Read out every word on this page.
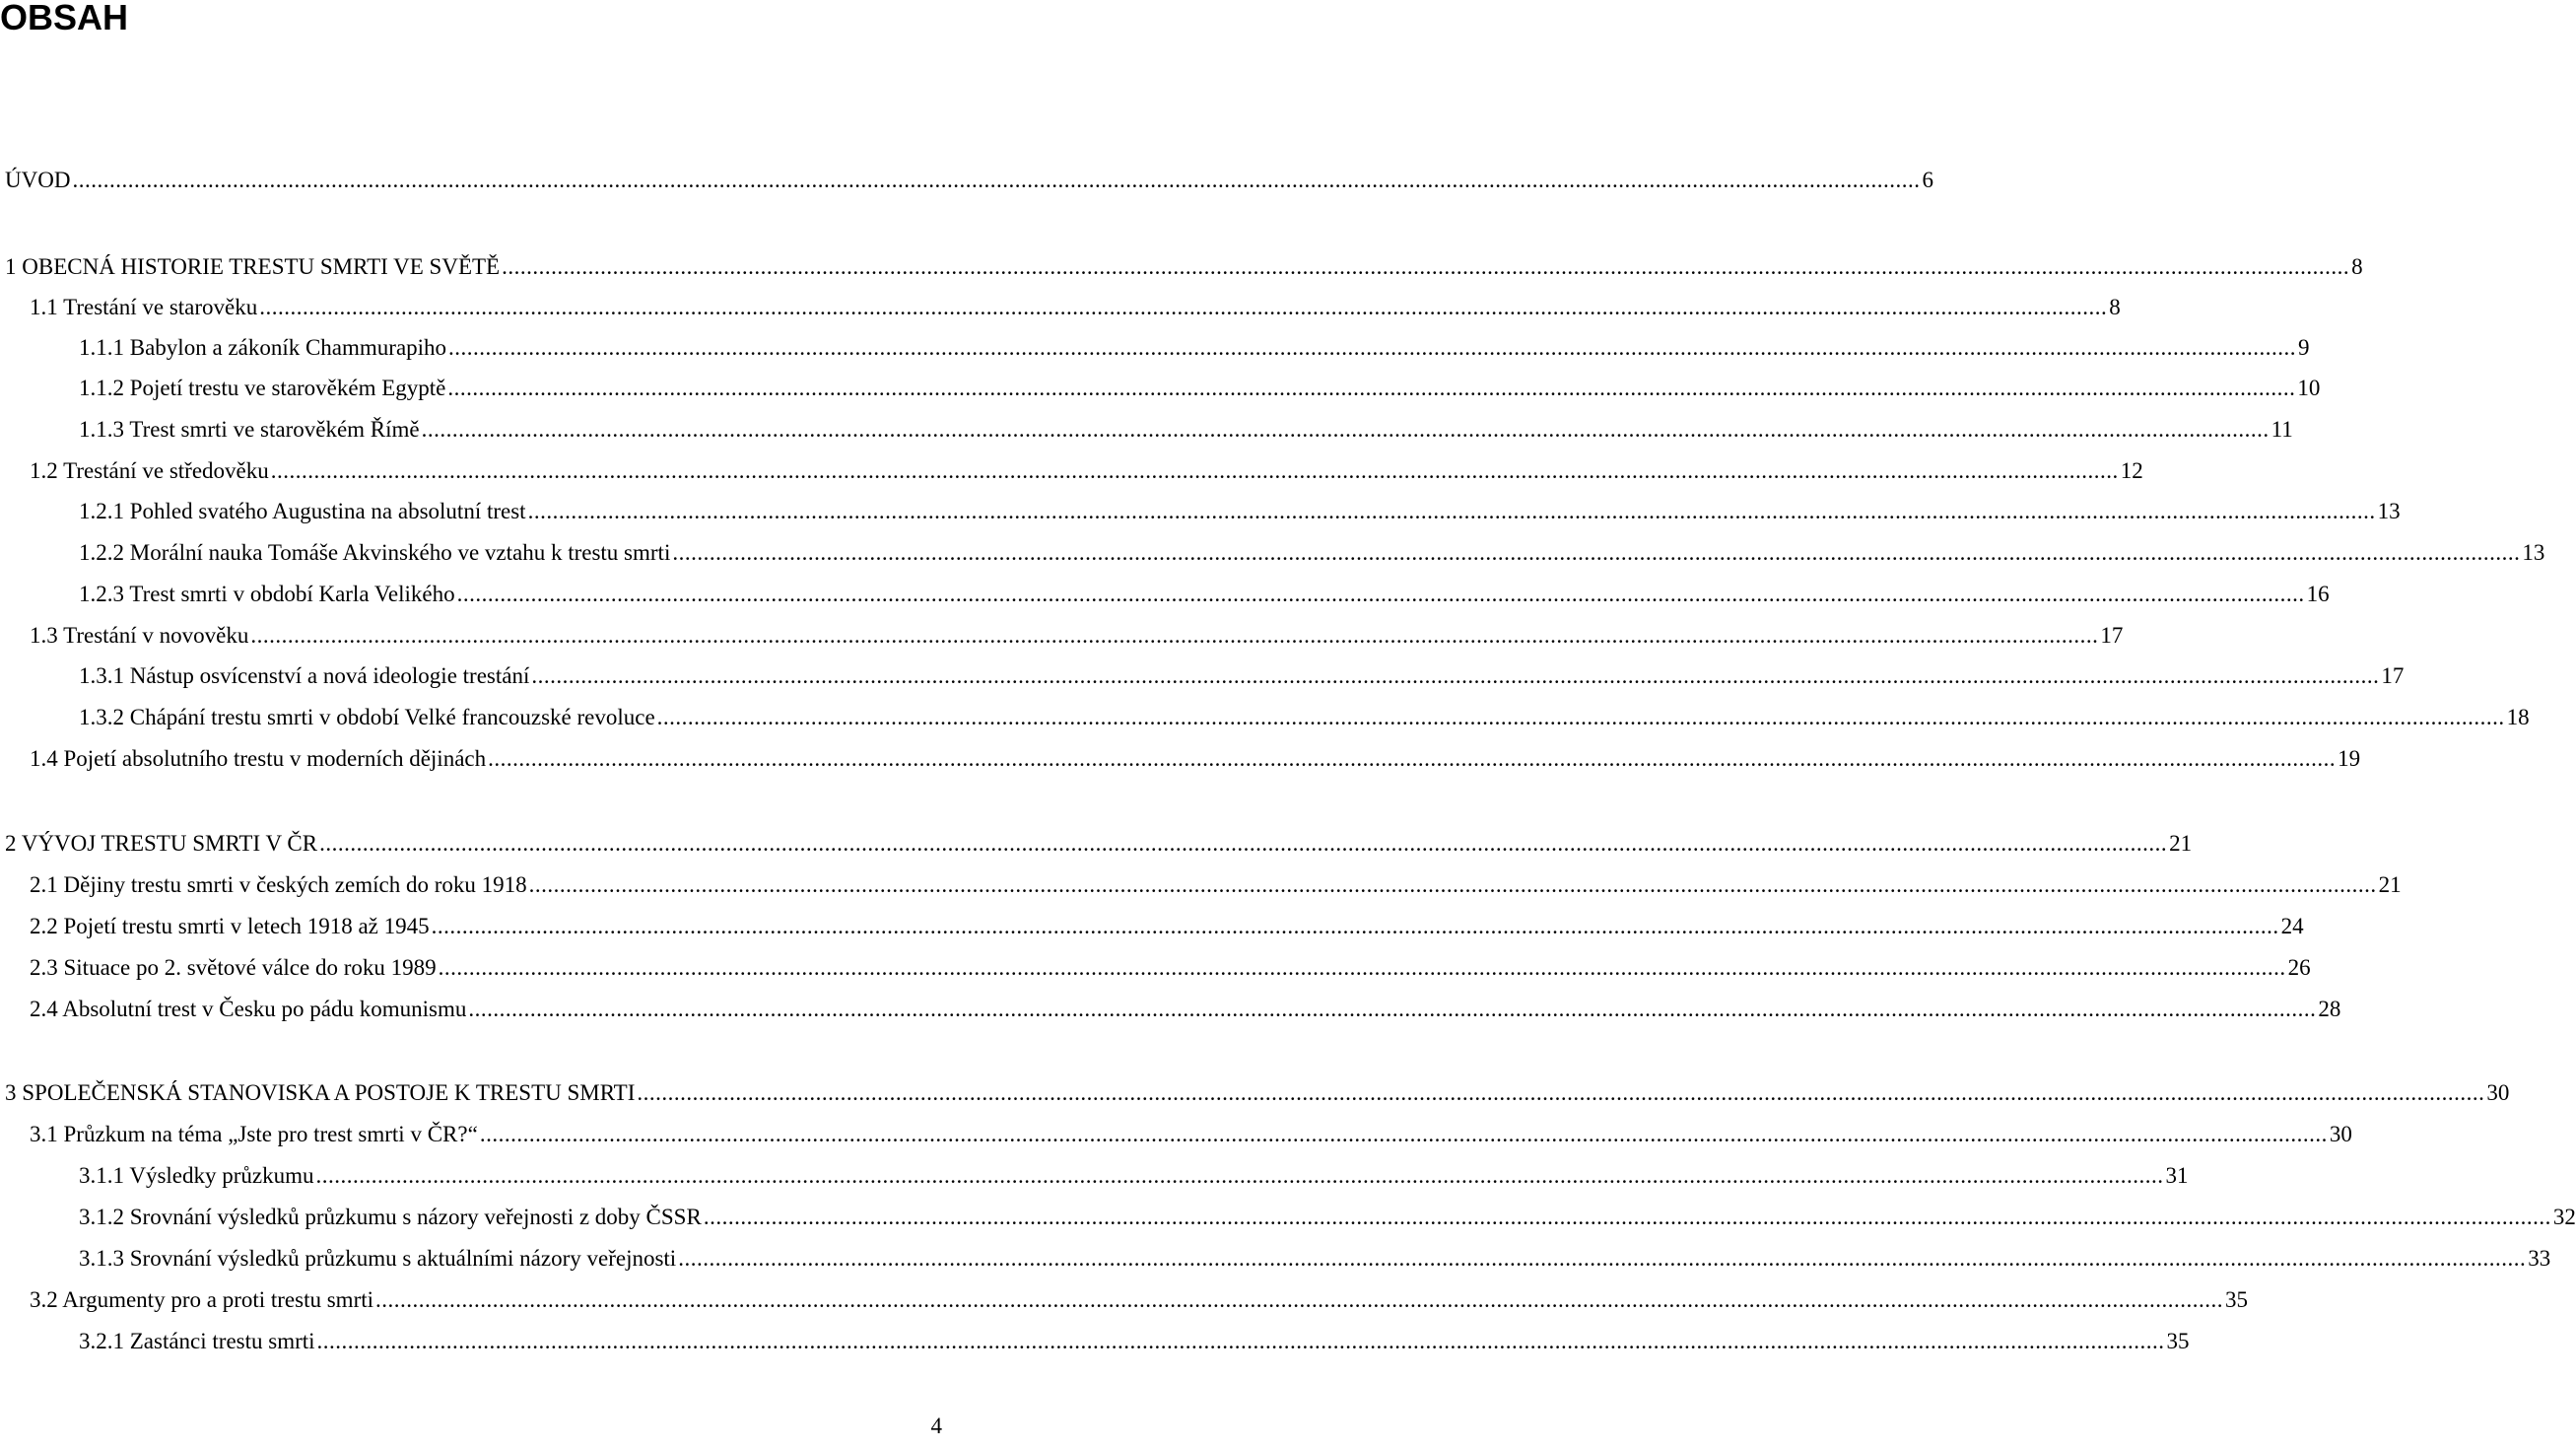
OBSAH
ÚVOD ............................................................................................................................................................................................................................................................................................................ 6
1 OBECNÁ HISTORIE TRESTU SMRTI VE SVĚTĚ ............................................................................................................................................................................................................................................................................................................ 8
1.1 Trestání ve starověku ............................................................................................................................................................................................................................................................................................................ 8
1.1.1 Babylon a zákoník Chammurapiho ............................................................................................................................................................................................................................................................................................................ 9
1.1.2 Pojetí trestu ve starověkém Egyptě ............................................................................................................................................................................................................................................................................................................ 10
1.1.3 Trest smrti ve starověkém Římě ............................................................................................................................................................................................................................................................................................................ 11
1.2 Trestání ve středověku ............................................................................................................................................................................................................................................................................................................ 12
1.2.1 Pohled svatého Augustina na absolutní trest ............................................................................................................................................................................................................................................................................................................ 13
1.2.2 Morální nauka Tomáše Akvinského ve vztahu k trestu smrti ............................................................................................................................................................................................................................................................................................................ 13
1.2.3 Trest smrti v období Karla Velikého ............................................................................................................................................................................................................................................................................................................ 16
1.3 Trestání v novověku ............................................................................................................................................................................................................................................................................................................ 17
1.3.1 Nástup osvícenství a nová ideologie trestání ............................................................................................................................................................................................................................................................................................................ 17
1.3.2 Chápání trestu smrti v období Velké francouzské revoluce ............................................................................................................................................................................................................................................................................................................ 18
1.4 Pojetí absolutního trestu v moderních dějinách ............................................................................................................................................................................................................................................................................................................ 19
2 VÝVOJ TRESTU SMRTI V ČR ............................................................................................................................................................................................................................................................................................................ 21
2.1 Dějiny trestu smrti v českých zemích do roku 1918 ............................................................................................................................................................................................................................................................................................................ 21
2.2 Pojetí trestu smrti v letech 1918 až 1945 ............................................................................................................................................................................................................................................................................................................ 24
2.3 Situace po 2. světové válce do roku 1989 ............................................................................................................................................................................................................................................................................................................ 26
2.4 Absolutní trest v Česku po pádu komunismu ............................................................................................................................................................................................................................................................................................................ 28
3 SPOLEČENSKÁ STANOVISKA A POSTOJE K TRESTU SMRTI ............................................................................................................................................................................................................................................................................................................ 30
3.1 Průzkum na téma „Jste pro trest smrti v ČR?“ ............................................................................................................................................................................................................................................................................................................ 30
3.1.1 Výsledky průzkumu ............................................................................................................................................................................................................................................................................................................ 31
3.1.2 Srovnání výsledků průzkumu s názory veřejnosti z doby ČSSR ............................................................................................................................................................................................................................................................................................................ 32
3.1.3 Srovnání výsledků průzkumu s aktuálními názory veřejnosti ............................................................................................................................................................................................................................................................................................................ 33
3.2 Argumenty pro a proti trestu smrti ............................................................................................................................................................................................................................................................................................................ 35
3.2.1 Zastánci trestu smrti ............................................................................................................................................................................................................................................................................................................ 35
4
